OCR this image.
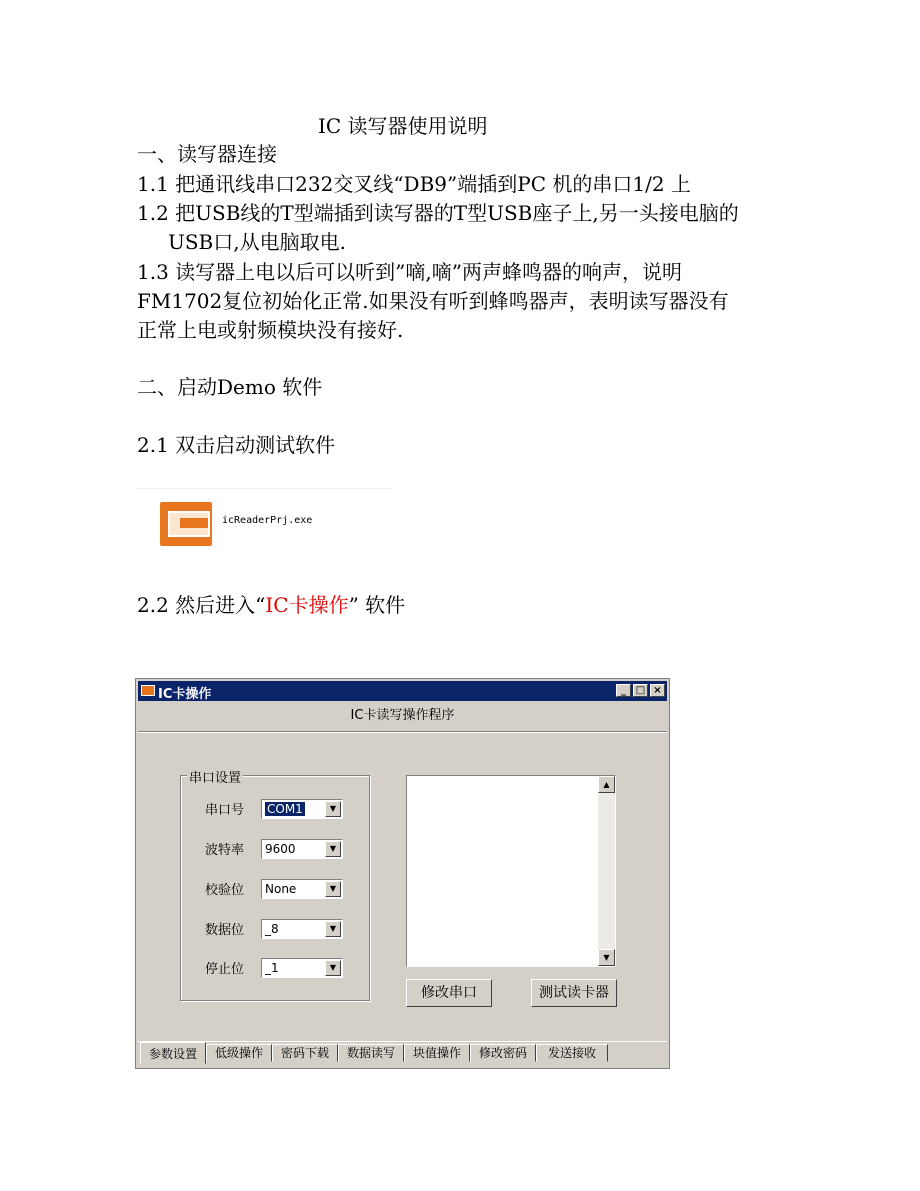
IC 读写器使用说明
一、读写器连接
1.1 把通讯线串口232交叉线“DB9”端插到PC 机的串口1/2 上
1.2 把USB线的T型端插到读写器的T型USB座子上,另一头接电脑的
USB口,从电脑取电.
1.3 读写器上电以后可以听到”嘀,嘀”两声蜂鸣器的响声，说明
FM1702复位初始化正常.如果没有听到蜂鸣器声，表明读写器没有
正常上电或射频模块没有接好.
二、启动Demo 软件
2.1 双击启动测试软件
icReaderPrj.exe
2.2 然后进入“IC卡操作” 软件
IC卡操作	_ □ ×
IC卡读写操作程序
串口设置
串口号 COM1	▼
波特率 9600	▼
校验位 None	▼
数据位 _8	▼
停止位 _1	▼
▲
▼
修改串口	测试读卡器
参数设置	低级操作	密码下载	数据读写	块值操作	修改密码	发送接收
